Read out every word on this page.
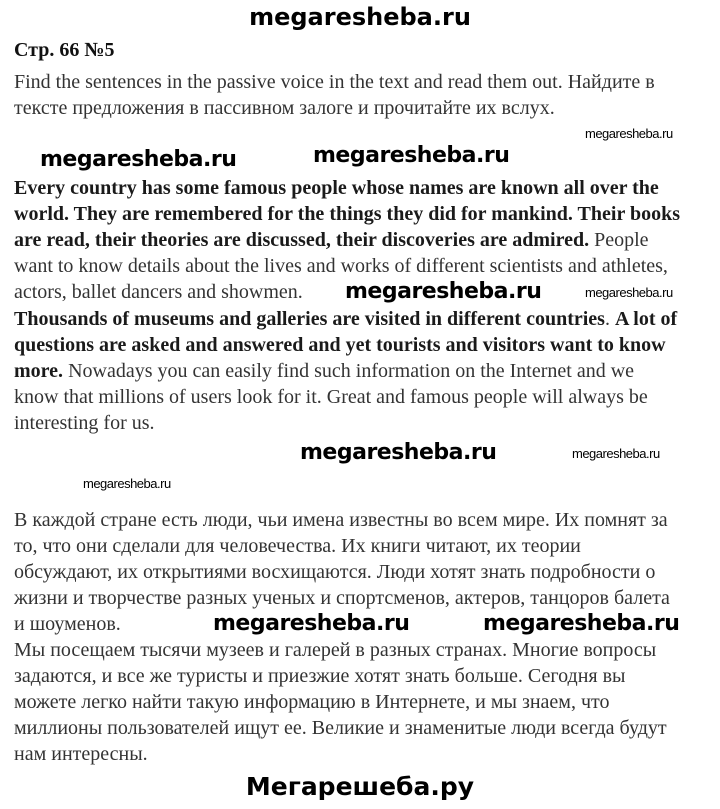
megaresheba.ru
Стр. 66 №5
Find the sentences in the passive voice in the text and read them out. Найдите в
тексте предложения в пассивном залоге и прочитайте их вслух.
Every country has some famous people whose names are known all over the
world. They are remembered for the things they did for mankind. Their books
are read, their theories are discussed, their discoveries are admired. People
want to know details about the lives and works of different scientists and athletes,
actors, ballet dancers and showmen.
Thousands of museums and galleries are visited in different countries. A lot of
questions are asked and answered and yet tourists and visitors want to know
more. Nowadays you can easily find such information on the Internet and we
know that millions of users look for it. Great and famous people will always be
interesting for us.
В каждой стране есть люди, чьи имена известны во всем мире. Их помнят за
то, что они сделали для человечества. Их книги читают, их теории
обсуждают, их открытиями восхищаются. Люди хотят знать подробности о
жизни и творчестве разных ученых и спортсменов, актеров, танцоров балета
и шоуменов.
Мы посещаем тысячи музеев и галерей в разных странах. Многие вопросы
задаются, и все же туристы и приезжие хотят знать больше. Сегодня вы
можете легко найти такую информацию в Интернете, и мы знаем, что
миллионы пользователей ищут ее. Великие и знаменитые люди всегда будут
нам интересны.
megaresheba.ru
megaresheba.ru	megaresheba.ru
megaresheba.ru
megaresheba.ru
megaresheba.ru	megaresheba.ru
megaresheba.ru
megaresheba.ru	megaresheba.ru
Мегарешеба.ру
